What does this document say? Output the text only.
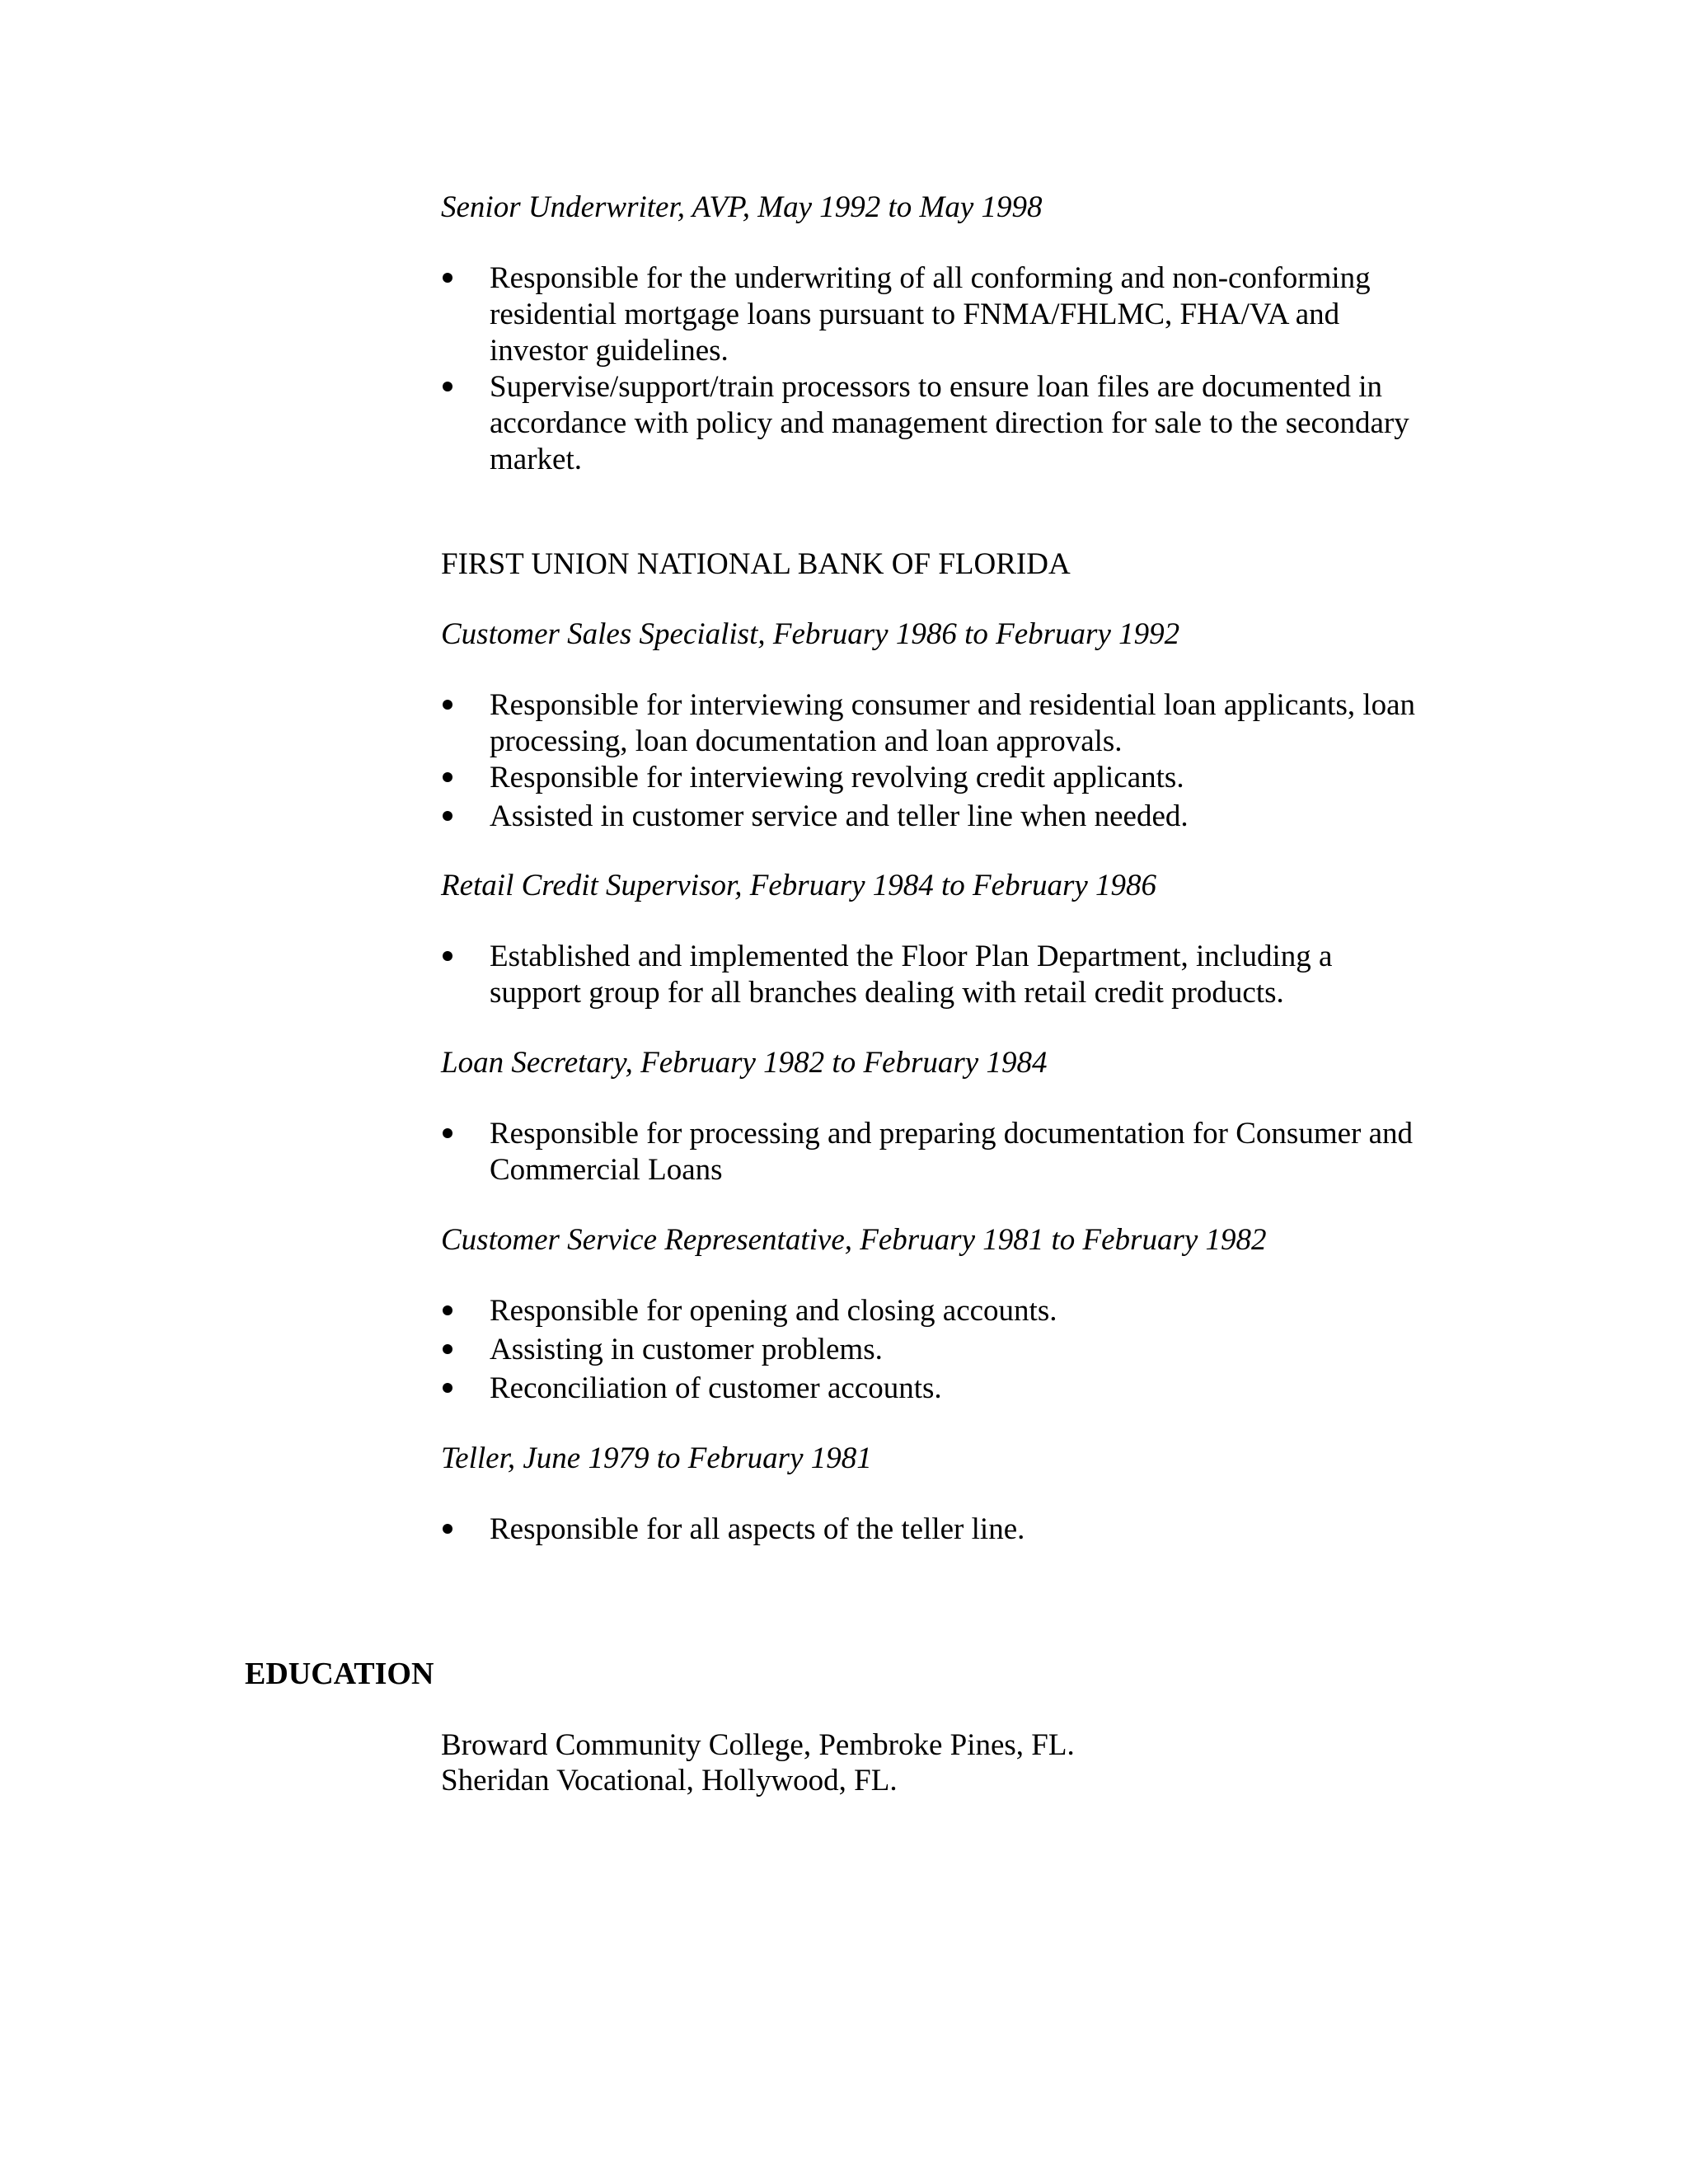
Senior Underwriter, AVP, May 1992 to May 1998

Responsible for the underwriting of all conforming and non-conforming
residential mortgage loans pursuant to FNMA/FHLMC, FHA/VA and
investor guidelines.
Supervise/support/train processors to ensure loan files are documented in
accordance with policy and management direction for sale to the secondary
market.

FIRST UNION NATIONAL BANK OF FLORIDA

Customer Sales Specialist, February 1986 to February 1992

Responsible for interviewing consumer and residential loan applicants, loan
processing, loan documentation and loan approvals.
Responsible for interviewing revolving credit applicants.
Assisted in customer service and teller line when needed.

Retail Credit Supervisor, February 1984 to February 1986

Established and implemented the Floor Plan Department, including a
support group for all branches dealing with retail credit products.

Loan Secretary, February 1982 to February 1984

Responsible for processing and preparing documentation for Consumer and
Commercial Loans

Customer Service Representative, February 1981 to February 1982

Responsible for opening and closing accounts.
Assisting in customer problems.
Reconciliation of customer accounts.

Teller, June 1979 to February 1981

Responsible for all aspects of the teller line.
EDUCATION

Broward Community College, Pembroke Pines, FL.

Sheridan Vocational, Hollywood, FL.
